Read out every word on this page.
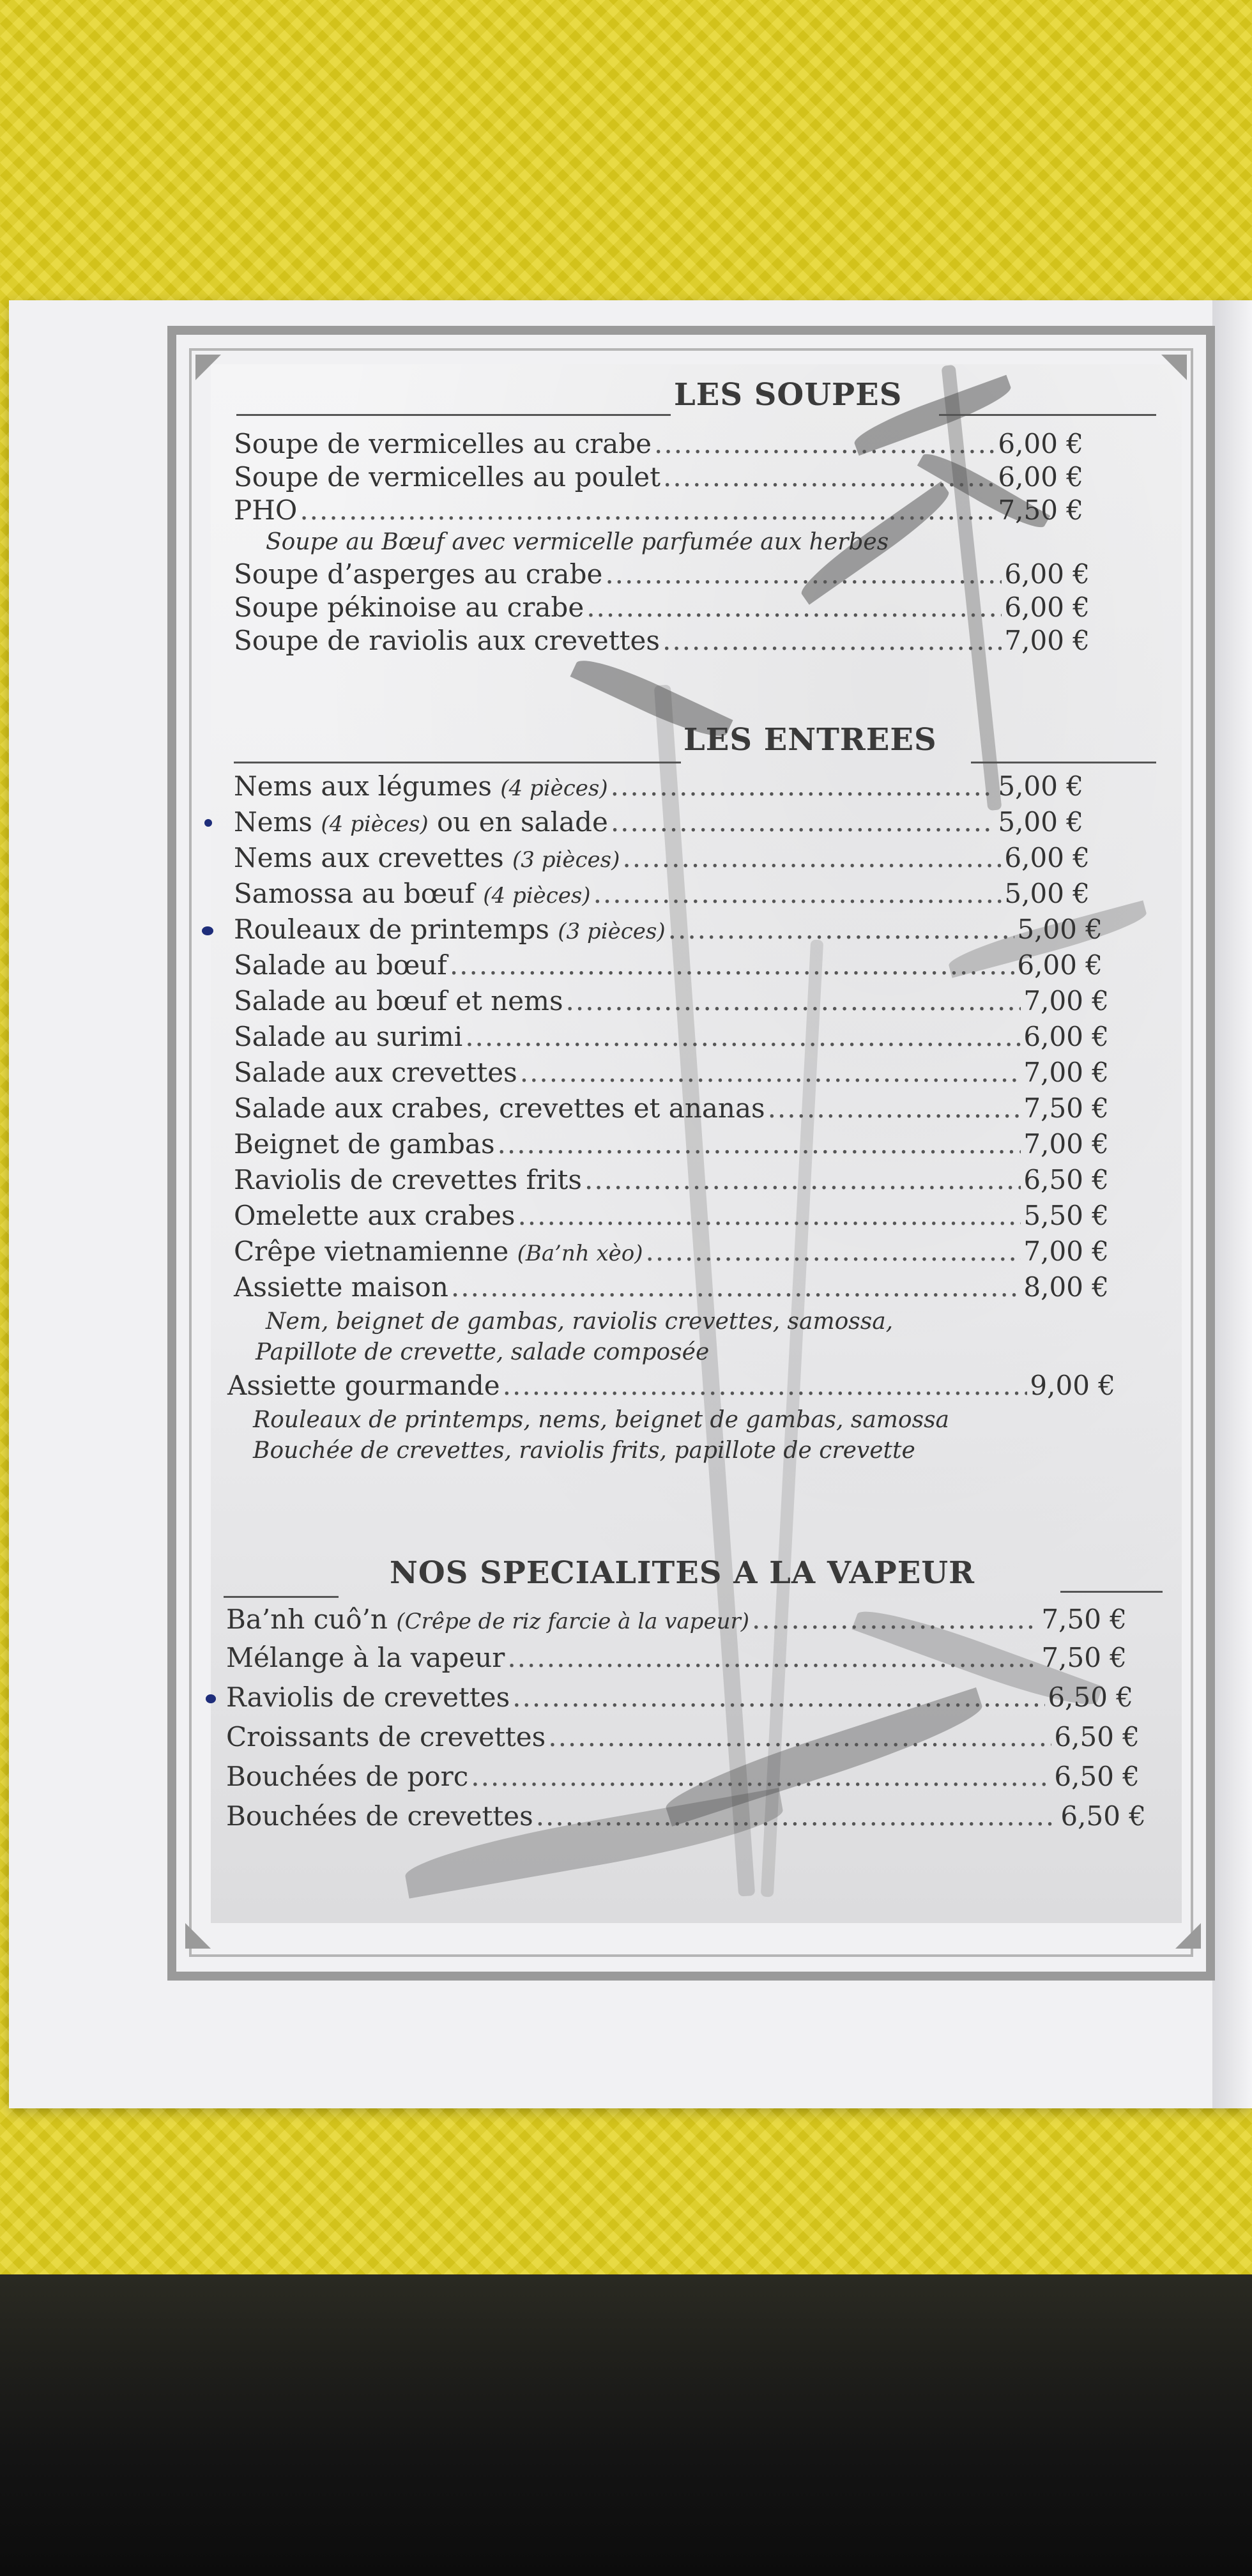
LES SOUPES
Soupe de vermicelles au crabe .....	6,00 €
Soupe de vermicelles au poulet .....	6,00 €
PHO .....	7,50 €
Soupe au Bœuf avec vermicelle parfumée aux herbes
Soupe d’asperges au crabe .....	6,00 €
Soupe pékinoise au crabe .....	6,00 €
Soupe de raviolis aux crevettes .....	7,00 €
LES ENTREES
Nems aux légumes (4 pièces) .....	5,00 €
Nems (4 pièces) ou en salade .....	5,00 €
Nems aux crevettes (3 pièces) .....	6,00 €
Samossa au bœuf (4 pièces) .....	5,00 €
Rouleaux de printemps (3 pièces) .....	5,00 €
Salade au bœuf .....	6,00 €
Salade au bœuf et nems .....	7,00 €
Salade au surimi .....	6,00 €
Salade aux crevettes .....	7,00 €
Salade aux crabes, crevettes et ananas .....	7,50 €
Beignet de gambas .....	7,00 €
Raviolis de crevettes frits .....	6,50 €
Omelette aux crabes .....	5,50 €
Crêpe vietnamienne (Ba’nh xèo) .....	7,00 €
Assiette maison .....	8,00 €
Nem, beignet de gambas, raviolis crevettes, samossa,
Papillote de crevette, salade composée
Assiette gourmande .....	9,00 €
Rouleaux de printemps, nems, beignet de gambas, samossa
Bouchée de crevettes, raviolis frits, papillote de crevette
NOS SPECIALITES A LA VAPEUR
Ba’nh cuô’n (Crêpe de riz farcie à la vapeur) .....	7,50 €
Mélange à la vapeur .....	7,50 €
Raviolis de crevettes .....	6,50 €
Croissants de crevettes .....	6,50 €
Bouchées de porc .....	6,50 €
Bouchées de crevettes .....	6,50 €
